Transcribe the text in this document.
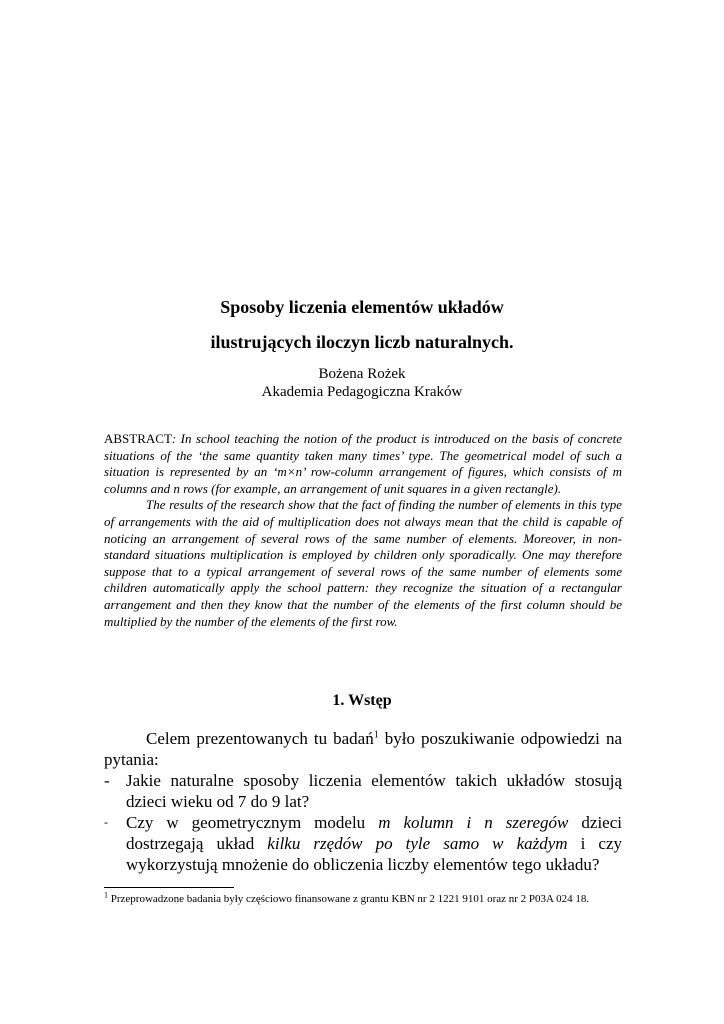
Sposoby liczenia elementów układów
ilustrujących iloczyn liczb naturalnych.

Bożena Rożek

Akademia Pedagogiczna Kraków

ABSTRACT: In school teaching the notion of the product is introduced on the basis of concrete situations of the ‘the same quantity taken many times’ type. The geometrical model of such a situation is represented by an ‘m×n’ row-column arrangement of figures, which consists of m columns and n rows (for example, an arrangement of unit squares in a given rectangle).

The results of the research show that the fact of finding the number of elements in this type of arrangements with the aid of multiplication does not always mean that the child is capable of noticing an arrangement of several rows of the same number of elements. Moreover, in non-standard situations multiplication is employed by children only sporadically. One may therefore suppose that to a typical arrangement of several rows of the same number of elements some children automatically apply the school pattern: they recognize the situation of a rectangular arrangement and then they know that the number of the elements of the first column should be multiplied by the number of the elements of the first row.

1. Wstęp

Celem prezentowanych tu badań$^1$ było poszukiwanie odpowiedzi na pytania:

- Jakie naturalne sposoby liczenia elementów takich układów stosują dzieci wieku od 7 do 9 lat?
- Czy w geometrycznym modelu m kolumn i n szeregów dzieci dostrzegają układ kilku rzędów po tyle samo w każdym i czy wykorzystują mnożenie do obliczenia liczby elementów tego układu?

$^1$ Przeprowadzone badania były częściowo finansowane z grantu KBN nr 2 1221 9101 oraz nr 2 P03A 024 18.
